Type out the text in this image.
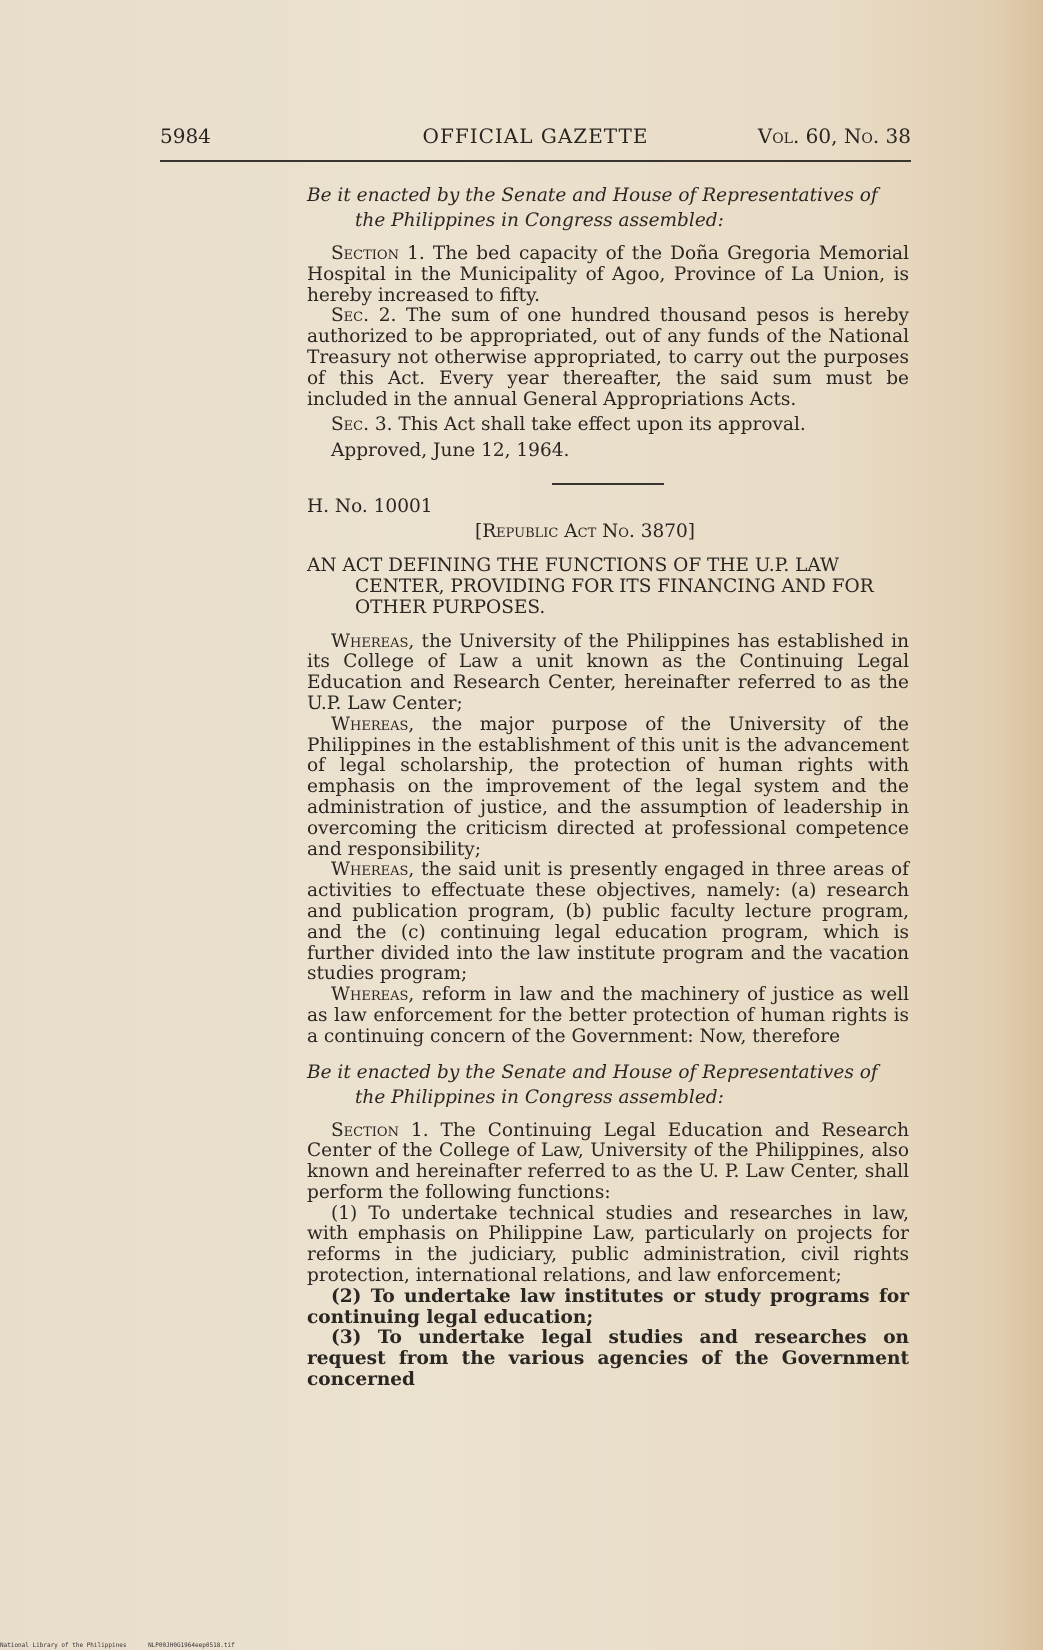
5984	OFFICIAL GAZETTE	Vol. 60, No. 38

Be it enacted by the Senate and House of Representatives of the Philippines in Congress assembled:

Section 1. The bed capacity of the Doña Gregoria Memorial Hospital in the Municipality of Agoo, Province of La Union, is hereby increased to fifty.

Sec. 2. The sum of one hundred thousand pesos is hereby authorized to be appropriated, out of any funds of the National Treasury not otherwise appropriated, to carry out the purposes of this Act. Every year thereafter, the said sum must be included in the annual General Appropriations Acts.

Sec. 3. This Act shall take effect upon its approval.

Approved, June 12, 1964.

H. No. 10001

[Republic Act No. 3870]

AN ACT DEFINING THE FUNCTIONS OF THE U.P. LAW CENTER, PROVIDING FOR ITS FINANCING AND FOR OTHER PURPOSES.

Whereas, the University of the Philippines has established in its College of Law a unit known as the Continuing Legal Education and Research Center, hereinafter referred to as the U.P. Law Center;

Whereas, the major purpose of the University of the Philippines in the establishment of this unit is the advancement of legal scholarship, the protection of human rights with emphasis on the improvement of the legal system and the administration of justice, and the assumption of leadership in overcoming the criticism directed at professional competence and responsibility;

Whereas, the said unit is presently engaged in three areas of activities to effectuate these objectives, namely: (a) research and publication program, (b) public faculty lecture program, and the (c) continuing legal education program, which is further divided into the law institute program and the vacation studies program;

Whereas, reform in law and the machinery of justice as well as law enforcement for the better protection of human rights is a continuing concern of the Government: Now, therefore

Be it enacted by the Senate and House of Representatives of the Philippines in Congress assembled:

Section 1. The Continuing Legal Education and Research Center of the College of Law, University of the Philippines, also known and hereinafter referred to as the U. P. Law Center, shall perform the following functions:

(1) To undertake technical studies and researches in law, with emphasis on Philippine Law, particularly on projects for reforms in the judiciary, public administration, civil rights protection, international relations, and law enforcement;

(2) To undertake law institutes or study programs for continuing legal education;

(3) To undertake legal studies and researches on request from the various agencies of the Government concerned

National Library of the Philippines	NLP00JH0G1964eep0518.tif
